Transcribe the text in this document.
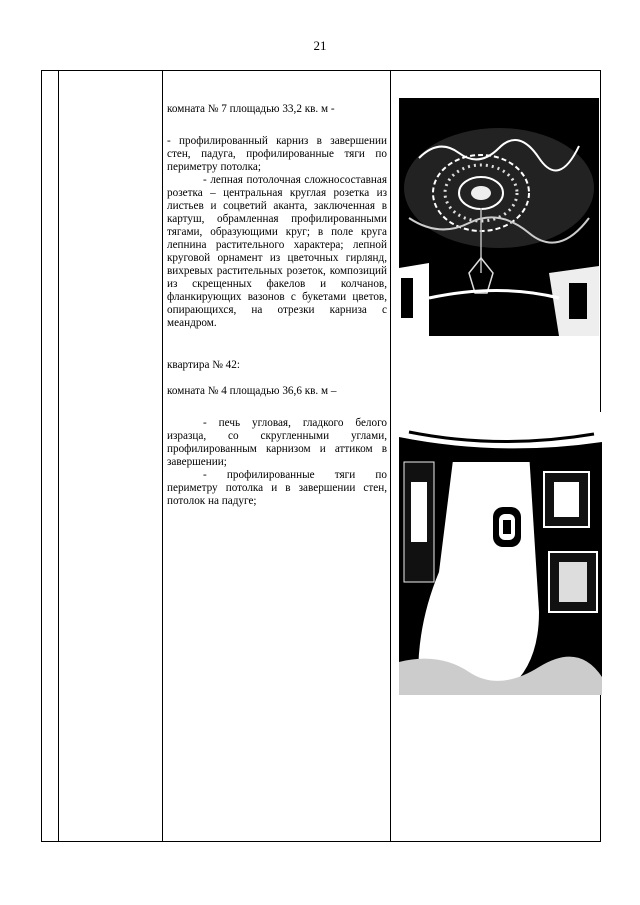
21

комната № 7 площадью 33,2 кв. м -

- профилированный карниз в завершении стен, падуга, профилированные тяги по периметру потолка;

- лепная потолочная сложносоставная розетка – центральная круглая розетка из листьев и соцветий аканта, заключенная в картуш, обрамленная профилированными тягами, образующими круг; в поле круга лепнина растительного характера; лепной круговой орнамент из цветочных гирлянд, вихревых растительных розеток, композиций из скрещенных факелов и колчанов, фланкирующих вазонов с букетами цветов, опирающихся, на отрезки карниза с меандром.

квартира № 42:

комната № 4 площадью 36,6 кв. м –

- печь угловая, гладкого белого изразца, со скругленными углами, профилированным карнизом и аттиком в завершении;

- профилированные тяги по периметру потолка и в завершении стен, потолок на падуге;
